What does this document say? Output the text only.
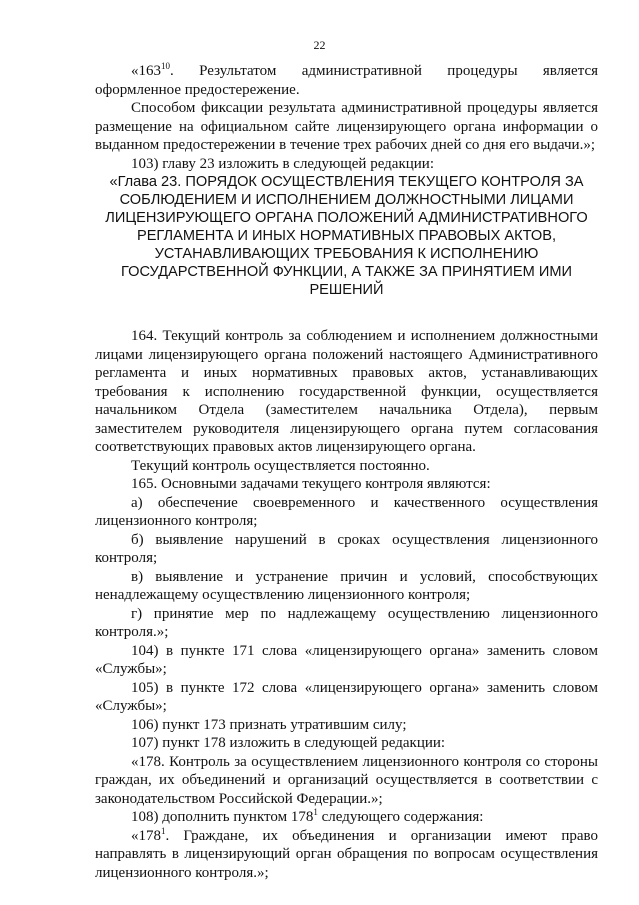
22

«$163^{10}$. Результатом административной процедуры является оформленное предостережение.

Способом фиксации результата административной процедуры является размещение на официальном сайте лицензирующего органа информации о выданном предостережении в течение трех рабочих дней со дня его выдачи.»;

103) главу 23 изложить в следующей редакции:

«Глава 23. ПОРЯДОК ОСУЩЕСТВЛЕНИЯ ТЕКУЩЕГО КОНТРОЛЯ ЗА СОБЛЮДЕНИЕМ И ИСПОЛНЕНИЕМ ДОЛЖНОСТНЫМИ ЛИЦАМИ ЛИЦЕНЗИРУЮЩЕГО ОРГАНА ПОЛОЖЕНИЙ АДМИНИСТРАТИВНОГО РЕГЛАМЕНТА И ИНЫХ НОРМАТИВНЫХ ПРАВОВЫХ АКТОВ, УСТАНАВЛИВАЮЩИХ ТРЕБОВАНИЯ К ИСПОЛНЕНИЮ ГОСУДАРСТВЕННОЙ ФУНКЦИИ, А ТАКЖЕ ЗА ПРИНЯТИЕМ ИМИ РЕШЕНИЙ

164. Текущий контроль за соблюдением и исполнением должностными лицами лицензирующего органа положений настоящего Административного регламента и иных нормативных правовых актов, устанавливающих требования к исполнению государственной функции, осуществляется начальником Отдела (заместителем начальника Отдела), первым заместителем руководителя лицензирующего органа путем согласования соответствующих правовых актов лицензирующего органа.

Текущий контроль осуществляется постоянно.

165. Основными задачами текущего контроля являются:

а) обеспечение своевременного и качественного осуществления лицензионного контроля;

б) выявление нарушений в сроках осуществления лицензионного контроля;

в) выявление и устранение причин и условий, способствующих ненадлежащему осуществлению лицензионного контроля;

г) принятие мер по надлежащему осуществлению лицензионного контроля.»;

104) в пункте 171 слова «лицензирующего органа» заменить словом «Службы»;

105) в пункте 172 слова «лицензирующего органа» заменить словом «Службы»;

106) пункт 173 признать утратившим силу;

107) пункт 178 изложить в следующей редакции:

«178. Контроль за осуществлением лицензионного контроля со стороны граждан, их объединений и организаций осуществляется в соответствии с законодательством Российской Федерации.»;

108) дополнить пунктом $178^1$ следующего содержания:

«$178^1$. Граждане, их объединения и организации имеют право направлять в лицензирующий орган обращения по вопросам осуществления лицензионного контроля.»;
